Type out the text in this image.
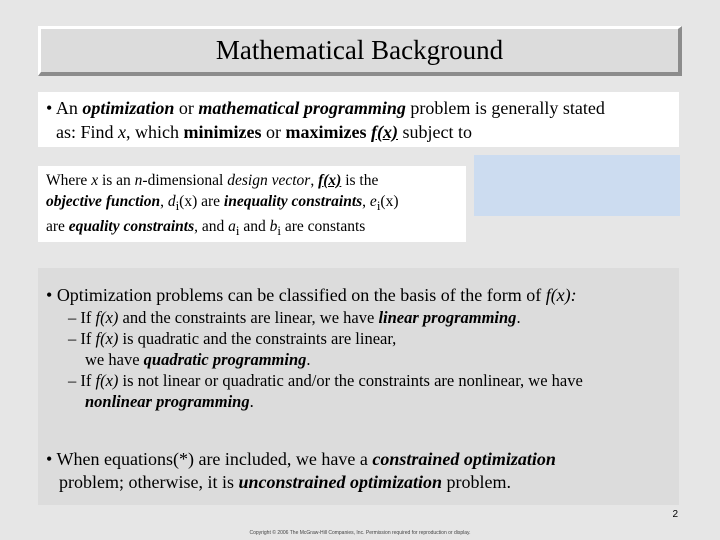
Mathematical Background
• An optimization or mathematical programming problem is generally stated
as: Find x, which minimizes or maximizes f(x) subject to
Where x is an n-dimensional design vector, f(x) is the
objective function, $d_i(x)$ are inequality constraints, $e_i(x)$
are equality constraints, and $a_i$ and $b_i$ are constants
• Optimization problems can be classified on the basis of the form of f(x):

– If f(x) and the constraints are linear, we have linear programming.

– If f(x) is quadratic and the constraints are linear,

we have quadratic programming.

– If f(x) is not linear or quadratic and/or the constraints are nonlinear, we have

nonlinear programming.
• When equations(*) are included, we have a constrained optimization
problem; otherwise, it is unconstrained optimization problem.
2
Copyright © 2006 The McGraw-Hill Companies, Inc. Permission required for reproduction or display.
